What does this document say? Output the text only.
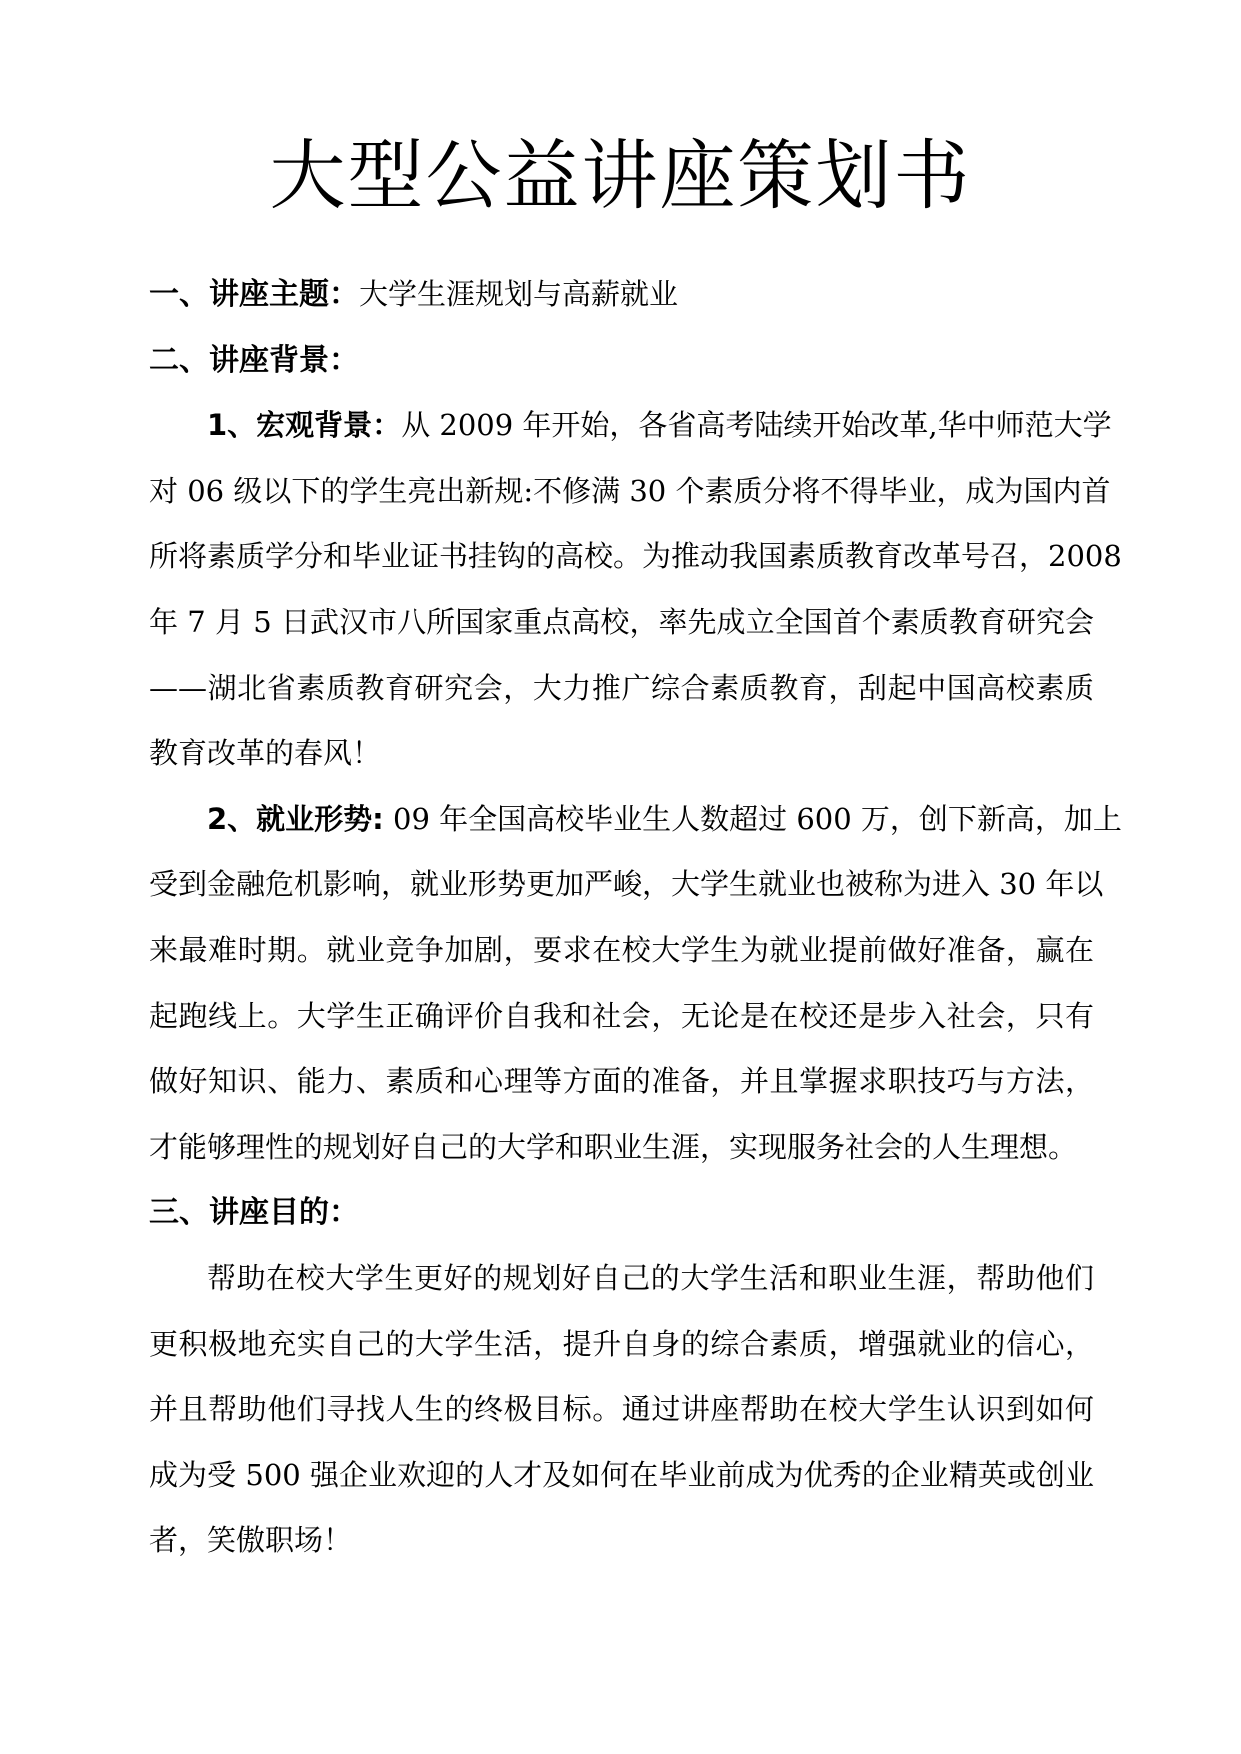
大型公益讲座策划书
一、讲座主题：大学生涯规划与高薪就业
二、讲座背景：
1、宏观背景：从 2009 年开始，各省高考陆续开始改革,华中师范大学
对 06 级以下的学生亮出新规:不修满 30 个素质分将不得毕业，成为国内首
所将素质学分和毕业证书挂钩的高校。为推动我国素质教育改革号召，2008
年 7 月 5 日武汉市八所国家重点高校，率先成立全国首个素质教育研究会
——湖北省素质教育研究会，大力推广综合素质教育，刮起中国高校素质
教育改革的春风！
2、就业形势: 09 年全国高校毕业生人数超过 600 万，创下新高，加上
受到金融危机影响，就业形势更加严峻，大学生就业也被称为进入 30 年以
来最难时期。就业竞争加剧，要求在校大学生为就业提前做好准备，赢在
起跑线上。大学生正确评价自我和社会，无论是在校还是步入社会，只有
做好知识、能力、素质和心理等方面的准备，并且掌握求职技巧与方法，
才能够理性的规划好自己的大学和职业生涯，实现服务社会的人生理想。
三、讲座目的：
帮助在校大学生更好的规划好自己的大学生活和职业生涯，帮助他们
更积极地充实自己的大学生活，提升自身的综合素质，增强就业的信心，
并且帮助他们寻找人生的终极目标。通过讲座帮助在校大学生认识到如何
成为受 500 强企业欢迎的人才及如何在毕业前成为优秀的企业精英或创业
者，笑傲职场！
